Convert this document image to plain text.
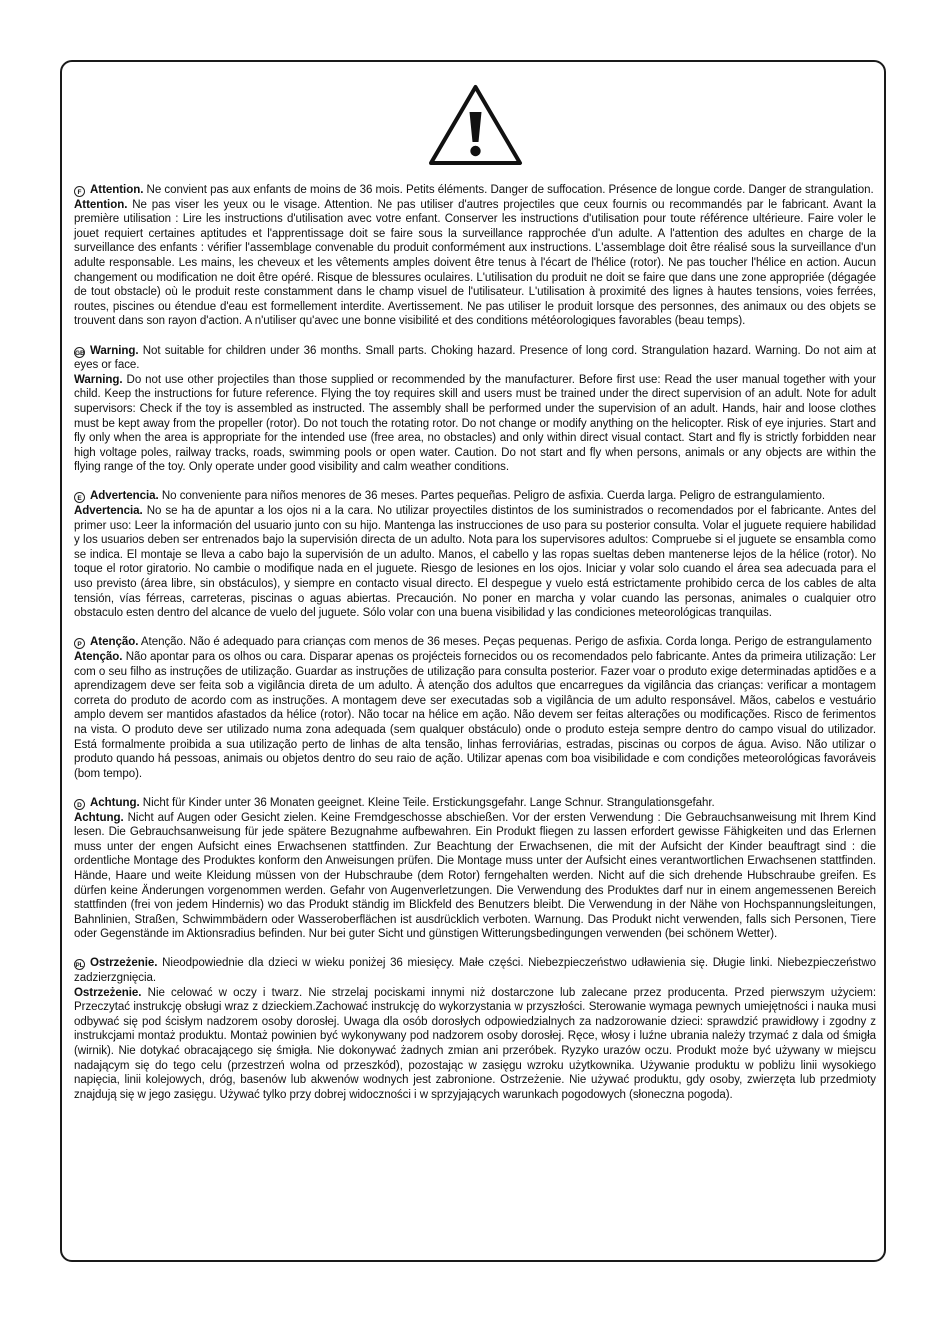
F Attention. Ne convient pas aux enfants de moins de 36 mois. Petits éléments. Danger de suffocation. Présence de longue corde. Danger de strangulation.

Attention. Ne pas viser les yeux ou le visage. Attention. Ne pas utiliser d'autres projectiles que ceux fournis ou recommandés par le fabricant. Avant la première utilisation : Lire les instructions d'utilisation avec votre enfant. Conserver les instructions d'utilisation pour toute référence ultérieure. Faire voler le jouet requiert certaines aptitudes et l'apprentissage doit se faire sous la surveillance rapprochée d'un adulte. A l'attention des adultes en charge de la surveillance des enfants : vérifier l'assemblage convenable du produit conformément aux instructions. L'assemblage doit être réalisé sous la surveillance d'un adulte responsable. Les mains, les cheveux et les vêtements amples doivent être tenus à l'écart de l'hélice (rotor). Ne pas toucher l'hélice en action. Aucun changement ou modification ne doit être opéré. Risque de blessures oculaires. L'utilisation du produit ne doit se faire que dans une zone appropriée (dégagée de tout obstacle) où le produit reste constamment dans le champ visuel de l'utilisateur. L'utilisation à proximité des lignes à hautes tensions, voies ferrées, routes, piscines ou étendue d'eau est formellement interdite. Avertissement. Ne pas utiliser le produit lorsque des personnes, des animaux ou des objets se trouvent dans son rayon d'action. A n'utiliser qu'avec une bonne visibilité et des conditions météorologiques favorables (beau temps).

GB Warning. Not suitable for children under 36 months. Small parts. Choking hazard. Presence of long cord. Strangulation hazard. Warning. Do not aim at eyes or face.

Warning. Do not use other projectiles than those supplied or recommended by the manufacturer. Before first use: Read the user manual together with your child. Keep the instructions for future reference. Flying the toy requires skill and users must be trained under the direct supervision of an adult. Note for adult supervisors: Check if the toy is assembled as instructed. The assembly shall be performed under the supervision of an adult. Hands, hair and loose clothes must be kept away from the propeller (rotor). Do not touch the rotating rotor. Do not change or modify anything on the helicopter. Risk of eye injuries. Start and fly only when the area is appropriate for the intended use (free area, no obstacles) and only within direct visual contact. Start and fly is strictly forbidden near high voltage poles, railway tracks, roads, swimming pools or open water. Caution. Do not start and fly when persons, animals or any objects are within the flying range of the toy. Only operate under good visibility and calm weather conditions.

E Advertencia. No conveniente para niños menores de 36 meses. Partes pequeñas. Peligro de asfixia. Cuerda larga. Peligro de estrangulamiento.

Advertencia. No se ha de apuntar a los ojos ni a la cara. No utilizar proyectiles distintos de los suministrados o recomendados por el fabricante. Antes del primer uso: Leer la información del usuario junto con su hijo. Mantenga las instrucciones de uso para su posterior consulta. Volar el juguete requiere habilidad y los usuarios deben ser entrenados bajo la supervisión directa de un adulto. Nota para los supervisores adultos: Compruebe si el juguete se ensambla como se indica. El montaje se lleva a cabo bajo la supervisión de un adulto. Manos, el cabello y las ropas sueltas deben mantenerse lejos de la hélice (rotor). No toque el rotor giratorio. No cambie o modifique nada en el juguete. Riesgo de lesiones en los ojos. Iniciar y volar solo cuando el área sea adecuada para el uso previsto (área libre, sin obstáculos), y siempre en contacto visual directo. El despegue y vuelo está estrictamente prohibido cerca de los cables de alta tensión, vías férreas, carreteras, piscinas o aguas abiertas. Precaución. No poner en marcha y volar cuando las personas, animales o cualquier otro obstaculo esten dentro del alcance de vuelo del juguete. Sólo volar con una buena visibilidad y las condiciones meteorológicas tranquilas.

P Atenção. Atenção. Não é adequado para crianças com menos de 36 meses. Peças pequenas. Perigo de asfixia. Corda longa. Perigo de estrangulamento

Atenção. Não apontar para os olhos ou cara. Disparar apenas os projécteis fornecidos ou os recomendados pelo fabricante. Antes da primeira utilização: Ler com o seu filho as instruções de utilização. Guardar as instruções de utilização para consulta posterior. Fazer voar o produto exige determinadas aptidões e a aprendizagem deve ser feita sob a vigilância direta de um adulto. À atenção dos adultos que encarregues da vigilância das crianças: verificar a montagem correta do produto de acordo com as instruções. A montagem deve ser executadas sob a vigilância de um adulto responsável. Mãos, cabelos e vestuário amplo devem ser mantidos afastados da hélice (rotor). Não tocar na hélice em ação. Não devem ser feitas alterações ou modificações. Risco de ferimentos na vista. O produto deve ser utilizado numa zona adequada (sem qualquer obstáculo) onde o produto esteja sempre dentro do campo visual do utilizador. Está formalmente proibida a sua utilização perto de linhas de alta tensão, linhas ferroviárias, estradas, piscinas ou corpos de água. Aviso. Não utilizar o produto quando há pessoas, animais ou objetos dentro do seu raio de ação. Utilizar apenas com boa visibilidade e com condições meteorológicas favoráveis (bom tempo).

D Achtung. Nicht für Kinder unter 36 Monaten geeignet. Kleine Teile. Erstickungsgefahr. Lange Schnur. Strangulationsgefahr.

Achtung. Nicht auf Augen oder Gesicht zielen. Keine Fremdgeschosse abschießen. Vor der ersten Verwendung : Die Gebrauchsanweisung mit Ihrem Kind lesen. Die Gebrauchsanweisung für jede spätere Bezugnahme aufbewahren. Ein Produkt fliegen zu lassen erfordert gewisse Fähigkeiten und das Erlernen muss unter der engen Aufsicht eines Erwachsenen stattfinden. Zur Beachtung der Erwachsenen, die mit der Aufsicht der Kinder beauftragt sind : die ordentliche Montage des Produktes konform den Anweisungen prüfen. Die Montage muss unter der Aufsicht eines verantwortlichen Erwachsenen stattfinden. Hände, Haare und weite Kleidung müssen von der Hubschraube (dem Rotor) ferngehalten werden. Nicht auf die sich drehende Hubschraube greifen. Es dürfen keine Änderungen vorgenommen werden. Gefahr von Augenverletzungen. Die Verwendung des Produktes darf nur in einem angemessenen Bereich stattfinden (frei von jedem Hindernis) wo das Produkt ständig im Blickfeld des Benutzers bleibt. Die Verwendung in der Nähe von Hochspannungsleitungen, Bahnlinien, Straßen, Schwimmbädern oder Wasseroberflächen ist ausdrücklich verboten. Warnung. Das Produkt nicht verwenden, falls sich Personen, Tiere oder Gegenstände im Aktionsradius befinden. Nur bei guter Sicht und günstigen Witterungsbedingungen verwenden (bei schönem Wetter).

PL Ostrzeżenie. Nieodpowiednie dla dzieci w wieku poniżej 36 miesięcy. Małe części. Niebezpieczeństwo udławienia się. Długie linki. Niebezpieczeństwo zadzierzgnięcia.

Ostrzeżenie. Nie celować w oczy i twarz. Nie strzelaj pociskami innymi niż dostarczone lub zalecane przez producenta. Przed pierwszym użyciem: Przeczytać instrukcję obsługi wraz z dzieckiem.Zachować instrukcję do wykorzystania w przyszłości. Sterowanie wymaga pewnych umiejętności i nauka musi odbywać się pod ścisłym nadzorem osoby dorosłej. Uwaga dla osób dorosłych odpowiedzialnych za nadzorowanie dzieci: sprawdzić prawidłowy i zgodny z instrukcjami montaż produktu. Montaż powinien być wykonywany pod nadzorem osoby dorosłej. Ręce, włosy i luźne ubrania należy trzymać z dala od śmigła (wirnik). Nie dotykać obracającego się śmigła. Nie dokonywać żadnych zmian ani przeróbek. Ryzyko urazów oczu. Produkt może być używany w miejscu nadającym się do tego celu (przestrzeń wolna od przeszkód), pozostając w zasięgu wzroku użytkownika. Używanie produktu w pobliżu linii wysokiego napięcia, linii kolejowych, dróg, basenów lub akwenów wodnych jest zabronione. Ostrzeżenie. Nie używać produktu, gdy osoby, zwierzęta lub przedmioty znajdują się w jego zasięgu. Używać tylko przy dobrej widoczności i w sprzyjających warunkach pogodowych (słoneczna pogoda).
